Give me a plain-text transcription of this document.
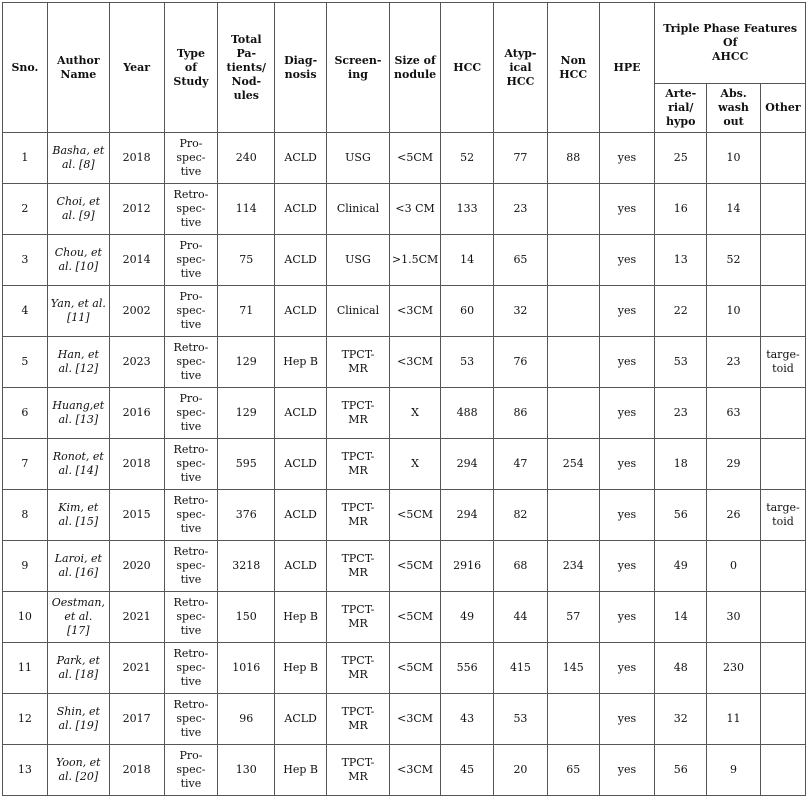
Sno.	Author
Name	Year	Type
of
Study	Total
Pa-
tients/
Nod-
ules	Diag-
nosis	Screen-
ing	Size of
nodule	HCC	Atyp-
ical
HCC	Non
HCC	HPE	Triple Phase Features Of
AHCC		
												Arte-
rial/
hypo	Abs.
wash
out	Other
1	Basha, et
al. [8]	2018	Pro-
spec-
tive	240	ACLD	USG	<5CM	52	77	88	yes	25	10	
2	Choi, et
al. [9]	2012	Retro-
spec-
tive	114	ACLD	Clinical	<3 CM	133	23		yes	16	14	
3	Chou, et
al. [10]	2014	Pro-
spec-
tive	75	ACLD	USG	>1.5CM	14	65		yes	13	52	
4	Yan, et al.
[11]	2002	Pro-
spec-
tive	71	ACLD	Clinical	<3CM	60	32		yes	22	10	
5	Han, et
al. [12]	2023	Retro-
spec-
tive	129	Hep B	TPCT-
MR	<3CM	53	76		yes	53	23	targe-
toid
6	Huang,et
al. [13]	2016	Pro-
spec-
tive	129	ACLD	TPCT-
MR	X	488	86		yes	23	63	
7	Ronot, et
al. [14]	2018	Retro-
spec-
tive	595	ACLD	TPCT-
MR	X	294	47	254	yes	18	29	
8	Kim, et
al. [15]	2015	Retro-
spec-
tive	376	ACLD	TPCT-
MR	<5CM	294	82		yes	56	26	targe-
toid
9	Laroi, et
al. [16]	2020	Retro-
spec-
tive	3218	ACLD	TPCT-
MR	<5CM	2916	68	234	yes	49	0	
10	Oestman,
et al.
[17]	2021	Retro-
spec-
tive	150	Hep B	TPCT-
MR	<5CM	49	44	57	yes	14	30	
11	Park, et
al. [18]	2021	Retro-
spec-
tive	1016	Hep B	TPCT-
MR	<5CM	556	415	145	yes	48	230	
12	Shin, et
al. [19]	2017	Retro-
spec-
tive	96	ACLD	TPCT-
MR	<3CM	43	53		yes	32	11	
13	Yoon, et
al. [20]	2018	Pro-
spec-
tive	130	Hep B	TPCT-
MR	<3CM	45	20	65	yes	56	9	
